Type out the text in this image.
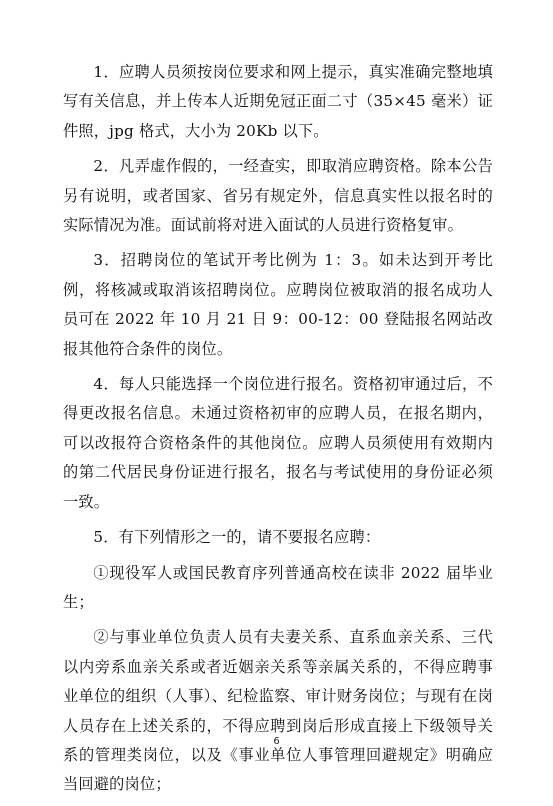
1．应聘人员须按岗位要求和网上提示，真实准确完整地填写有关信息，并上传本人近期免冠正面二寸（35×45 毫米）证件照，jpg 格式，大小为 20Kb 以下。

2．凡弄虚作假的，一经查实，即取消应聘资格。除本公告另有说明，或者国家、省另有规定外，信息真实性以报名时的实际情况为准。面试前将对进入面试的人员进行资格复审。

3．招聘岗位的笔试开考比例为 1：3。如未达到开考比例，将核减或取消该招聘岗位。应聘岗位被取消的报名成功人员可在 2022 年 10 月 21 日 9：00-12：00 登陆报名网站改报其他符合条件的岗位。

4．每人只能选择一个岗位进行报名。资格初审通过后，不得更改报名信息。未通过资格初审的应聘人员，在报名期内，可以改报符合资格条件的其他岗位。应聘人员须使用有效期内的第二代居民身份证进行报名，报名与考试使用的身份证必须一致。

5．有下列情形之一的，请不要报名应聘：

①现役军人或国民教育序列普通高校在读非 2022 届毕业生；

②与事业单位负责人员有夫妻关系、直系血亲关系、三代以内旁系血亲关系或者近姻亲关系等亲属关系的，不得应聘事业单位的组织（人事）、纪检监察、审计财务岗位；与现有在岗人员存在上述关系的，不得应聘到岗后形成直接上下级领导关系的管理类岗位，以及《事业单位人事管理回避规定》明确应当回避的岗位；

6
